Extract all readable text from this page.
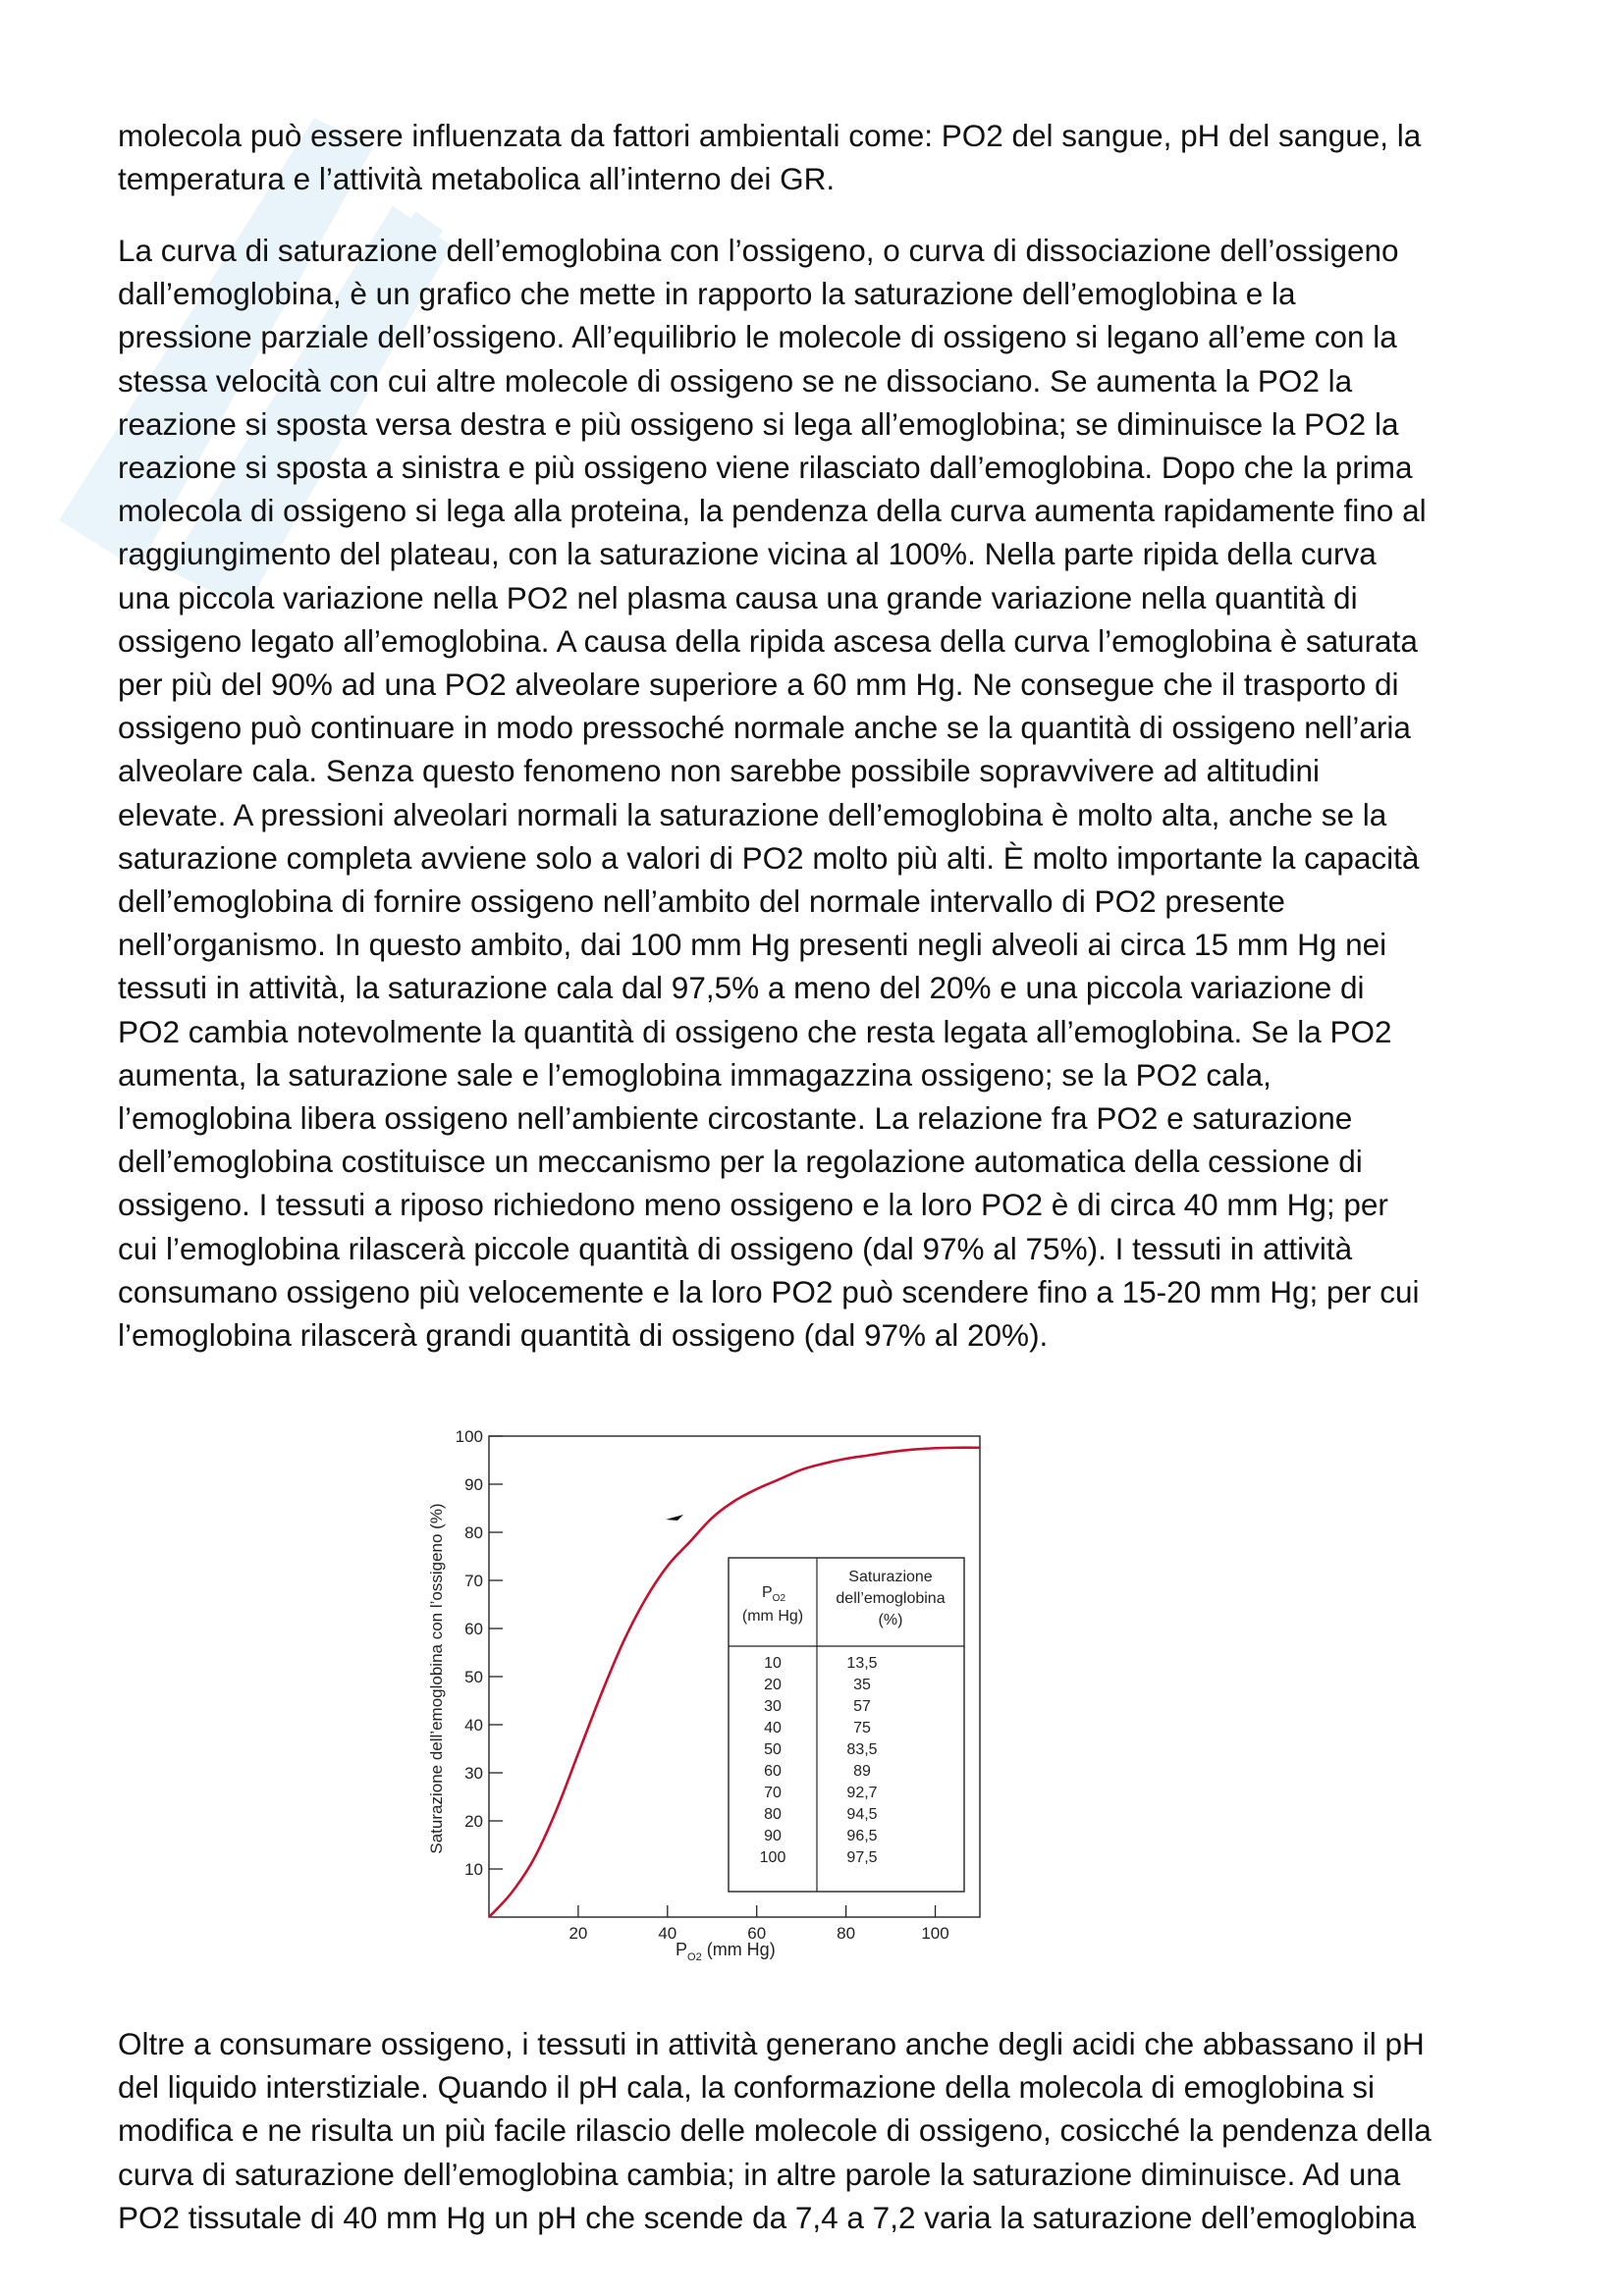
molecola può essere influenzata da fattori ambientali come: PO2 del sangue, pH del sangue, la
temperatura e l’attività metabolica all’interno dei GR.
La curva di saturazione dell’emoglobina con l’ossigeno, o curva di dissociazione dell’ossigeno
dall’emoglobina, è un grafico che mette in rapporto la saturazione dell’emoglobina e la
pressione parziale dell’ossigeno. All’equilibrio le molecole di ossigeno si legano all’eme con la
stessa velocità con cui altre molecole di ossigeno se ne dissociano. Se aumenta la PO2 la
reazione si sposta versa destra e più ossigeno si lega all’emoglobina; se diminuisce la PO2 la
reazione si sposta a sinistra e più ossigeno viene rilasciato dall’emoglobina. Dopo che la prima
molecola di ossigeno si lega alla proteina, la pendenza della curva aumenta rapidamente fino al
raggiungimento del plateau, con la saturazione vicina al 100%. Nella parte ripida della curva
una piccola variazione nella PO2 nel plasma causa una grande variazione nella quantità di
ossigeno legato all’emoglobina. A causa della ripida ascesa della curva l’emoglobina è saturata
per più del 90% ad una PO2 alveolare superiore a 60 mm Hg. Ne consegue che il trasporto di
ossigeno può continuare in modo pressoché normale anche se la quantità di ossigeno nell’aria
alveolare cala. Senza questo fenomeno non sarebbe possibile sopravvivere ad altitudini
elevate. A pressioni alveolari normali la saturazione dell’emoglobina è molto alta, anche se la
saturazione completa avviene solo a valori di PO2 molto più alti. È molto importante la capacità
dell’emoglobina di fornire ossigeno nell’ambito del normale intervallo di PO2 presente
nell’organismo. In questo ambito, dai 100 mm Hg presenti negli alveoli ai circa 15 mm Hg nei
tessuti in attività, la saturazione cala dal 97,5% a meno del 20% e una piccola variazione di
PO2 cambia notevolmente la quantità di ossigeno che resta legata all’emoglobina. Se la PO2
aumenta, la saturazione sale e l’emoglobina immagazzina ossigeno; se la PO2 cala,
l’emoglobina libera ossigeno nell’ambiente circostante. La relazione fra PO2 e saturazione
dell’emoglobina costituisce un meccanismo per la regolazione automatica della cessione di
ossigeno. I tessuti a riposo richiedono meno ossigeno e la loro PO2 è di circa 40 mm Hg; per
cui l’emoglobina rilascerà piccole quantità di ossigeno (dal 97% al 75%). I tessuti in attività
consumano ossigeno più velocemente e la loro PO2 può scendere fino a 15-20 mm Hg; per cui
l’emoglobina rilascerà grandi quantità di ossigeno (dal 97% al 20%).
Saturazione dell’emoglobina con l’ossigeno (%)
10
20
30
40
50
60
70
80
90
100
20	40	60	80	100
$P_{O2}$
(mm Hg)
Saturazione
dell’emoglobina
(%)
10	13,5
20	35
30	57
40	75
50	83,5
60	89
70	92,7
80	94,5
90	96,5
100	97,5
$P_{O2}$ (mm Hg)
Oltre a consumare ossigeno, i tessuti in attività generano anche degli acidi che abbassano il pH
del liquido interstiziale. Quando il pH cala, la conformazione della molecola di emoglobina si
modifica e ne risulta un più facile rilascio delle molecole di ossigeno, cosicché la pendenza della
curva di saturazione dell’emoglobina cambia; in altre parole la saturazione diminuisce. Ad una
PO2 tissutale di 40 mm Hg un pH che scende da 7,4 a 7,2 varia la saturazione dell’emoglobina
